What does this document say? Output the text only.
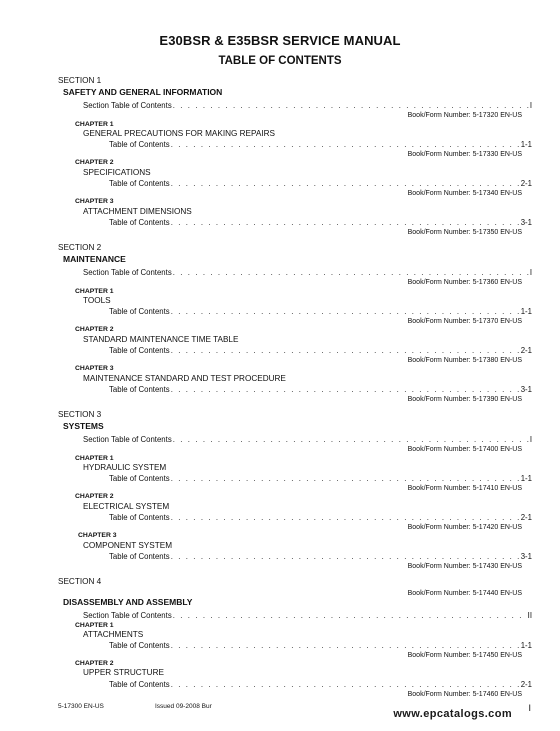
E30BSR & E35BSR SERVICE MANUAL
TABLE OF CONTENTS
SECTION 1
SAFETY AND GENERAL INFORMATION
Section Table of Contents . . .	I
Book/Form Number: 5-17320 EN-US
CHAPTER 1
GENERAL PRECAUTIONS FOR MAKING REPAIRS
Table of Contents . . .	1-1
Book/Form Number: 5-17330 EN-US
CHAPTER 2
SPECIFICATIONS
Table of Contents . . .	2-1
Book/Form Number: 5-17340 EN-US
CHAPTER 3
ATTACHMENT DIMENSIONS
Table of Contents . . .	3-1
Book/Form Number: 5-17350 EN-US
SECTION 2
MAINTENANCE
Section Table of Contents . . .	I
Book/Form Number: 5-17360 EN-US
CHAPTER 1
TOOLS
Table of Contents . . .	1-1
Book/Form Number: 5-17370 EN-US
CHAPTER 2
STANDARD MAINTENANCE TIME TABLE
Table of Contents . . .	2-1
Book/Form Number: 5-17380 EN-US
CHAPTER 3
MAINTENANCE STANDARD AND TEST PROCEDURE
Table of Contents . . .	3-1
Book/Form Number: 5-17390 EN-US
SECTION 3
SYSTEMS
Section Table of Contents . . .	I
Book/Form Number: 5-17400 EN-US
CHAPTER 1
HYDRAULIC SYSTEM
Table of Contents . . .	1-1
Book/Form Number: 5-17410 EN-US
CHAPTER 2
ELECTRICAL SYSTEM
Table of Contents . . .	2-1
Book/Form Number: 5-17420 EN-US
CHAPTER 3
COMPONENT SYSTEM
Table of Contents . . .	3-1
Book/Form Number: 5-17430 EN-US
SECTION 4
Book/Form Number: 5-17440 EN-US
DISASSEMBLY AND ASSEMBLY
Section Table of Contents . . .	II
CHAPTER 1
ATTACHMENTS
Table of Contents . . .	1-1
Book/Form Number: 5-17450 EN-US
CHAPTER 2
UPPER STRUCTURE
Table of Contents . . .	2-1
Book/Form Number: 5-17460 EN-US
5-17300 EN-US	Issued 09-2008 Bur
www.epcatalogs.com I
